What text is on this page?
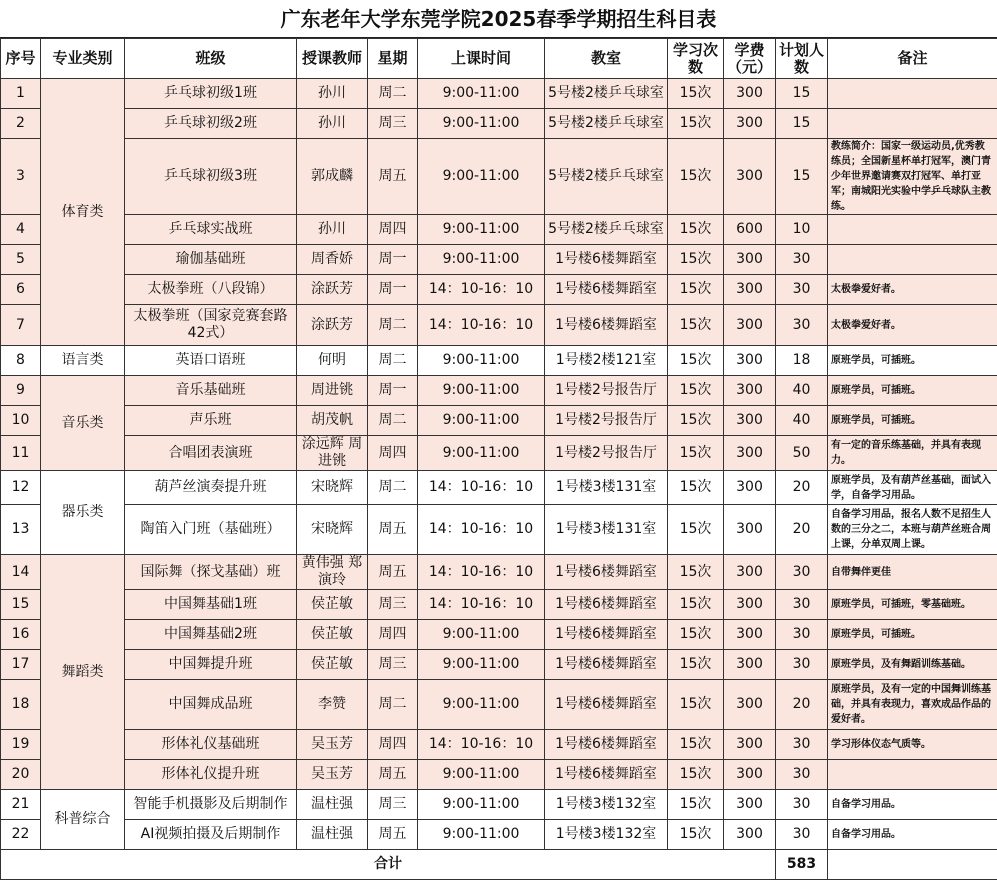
广东老年大学东莞学院2025春季学期招生科目表
序号	专业类别	班级	授课教师	星期	上课时间	教室	学习次数	学费（元）	计划人数	备注
1	体育类	乒乓球初级1班	孙川	周二	9:00-11:00	5号楼2楼乒乓球室	15次	300	15	
2		乒乓球初级2班	孙川	周三	9:00-11:00	5号楼2楼乒乓球室	15次	300	15	
3		乒乓球初级3班	郭成麟	周五	9:00-11:00	5号楼2楼乒乓球室	15次	300	15	教练简介：国家一级运动员,优秀教练员；全国新星杯单打冠军，澳门青少年世界邀请赛双打冠军、单打亚军；南城阳光实验中学乒乓球队主教练。
4		乒乓球实战班	孙川	周四	9:00-11:00	5号楼2楼乒乓球室	15次	600	10	
5		瑜伽基础班	周香娇	周一	9:00-11:00	1号楼6楼舞蹈室	15次	300	30	
6		太极拳班（八段锦）	涂跃芳	周一	14：10-16：10	1号楼6楼舞蹈室	15次	300	30	太极拳爱好者。
7		太极拳班（国家竞赛套路42式）	涂跃芳	周二	14：10-16：10	1号楼6楼舞蹈室	15次	300	30	太极拳爱好者。
8	语言类	英语口语班	何明	周二	9:00-11:00	1号楼2楼121室	15次	300	18	原班学员，可插班。
9	音乐类	音乐基础班	周进铫	周一	9:00-11:00	1号楼2号报告厅	15次	300	40	原班学员，可插班。
10		声乐班	胡茂帆	周二	9:00-11:00	1号楼2号报告厅	15次	300	40	原班学员，可插班。
11		合唱团表演班	涂远辉 周进铫	周四	9:00-11:00	1号楼2号报告厅	15次	300	50	有一定的音乐练基础，并具有表现力。
12	器乐类	葫芦丝演奏提升班	宋晓辉	周二	14：10-16：10	1号楼3楼131室	15次	300	20	原班学员，及有葫芦丝基础，面试入学，自备学习用品。
13		陶笛入门班（基础班）	宋晓辉	周五	14：10-16：10	1号楼3楼131室	15次	300	20	自备学习用品，报名人数不足招生人数的三分之二，本班与葫芦丝班合周上课，分单双周上课。
14	舞蹈类	国际舞（探戈基础）班	黄伟强 郑演玲	周五	14：10-16：10	1号楼6楼舞蹈室	15次	300	30	自带舞伴更佳
15		中国舞基础1班	侯芷敏	周三	14：10-16：10	1号楼6楼舞蹈室	15次	300	30	原班学员，可插班，零基础班。
16		中国舞基础2班	侯芷敏	周四	9:00-11:00	1号楼6楼舞蹈室	15次	300	30	原班学员，可插班。
17		中国舞提升班	侯芷敏	周三	9:00-11:00	1号楼6楼舞蹈室	15次	300	30	原班学员，及有舞蹈训练基础。
18		中国舞成品班	李赞	周二	9:00-11:00	1号楼6楼舞蹈室	15次	300	20	原班学员，及有一定的中国舞训练基础，并具有表现力，喜欢成品作品的爱好者。
19		形体礼仪基础班	吴玉芳	周四	14：10-16：10	1号楼6楼舞蹈室	15次	300	30	学习形体仪态气质等。
20		形体礼仪提升班	吴玉芳	周五	9:00-11:00	1号楼6楼舞蹈室	15次	300	30	
21	科普综合	智能手机摄影及后期制作	温柱强	周三	9:00-11:00	1号楼3楼132室	15次	300	30	自备学习用品。
22		AI视频拍摄及后期制作	温柱强	周五	9:00-11:00	1号楼3楼132室	15次	300	30	自备学习用品。
合计									583	
